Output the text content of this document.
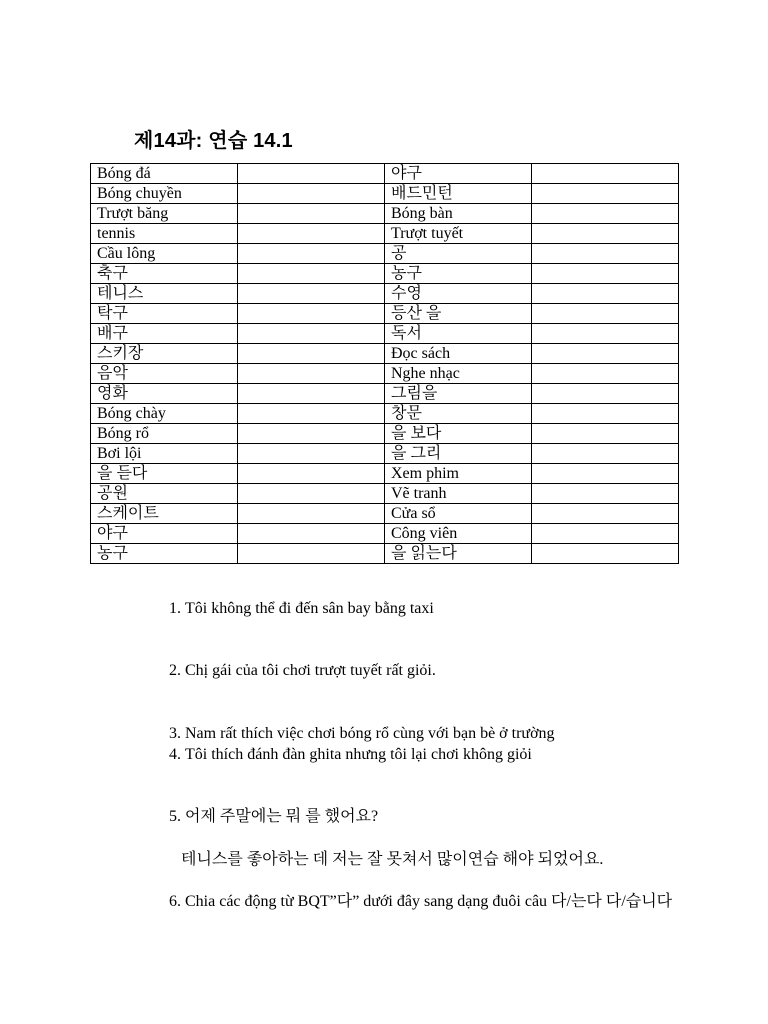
제14과: 연습 14.1
Bóng đá		야구	
Bóng chuyền		배드민턴	
Trượt băng		Bóng bàn	
tennis		Trượt tuyết	
Cầu lông		공	
축구		농구	
테니스		수영	
탁구		등산 을	
배구		독서	
스키장		Đọc sách	
음악		Nghe nhạc	
영화		그림을	
Bóng chày		창문	
Bóng rổ		을 보다	
Bơi lội		을 그리	
을 듣다		Xem phim	
공원		Vẽ tranh	
스케이트		Cửa sổ	
야구		Công viên	
농구		을 읽는다	
1. Tôi không thể đi đến sân bay bằng taxi
2. Chị gái của tôi chơi trượt tuyết rất giỏi.
3. Nam rất thích việc chơi bóng rổ cùng với bạn bè ở trường
4. Tôi thích đánh đàn ghita nhưng tôi lại chơi không giỏi
5. 어제 주말에는 뭐 를 했어요?
테니스를 좋아하는 데 저는 잘 못쳐서 많이연습 해야 되었어요.
6. Chia các động từ BQT”다” dưới đây sang dạng đuôi câu 다/는다 다/습니다
